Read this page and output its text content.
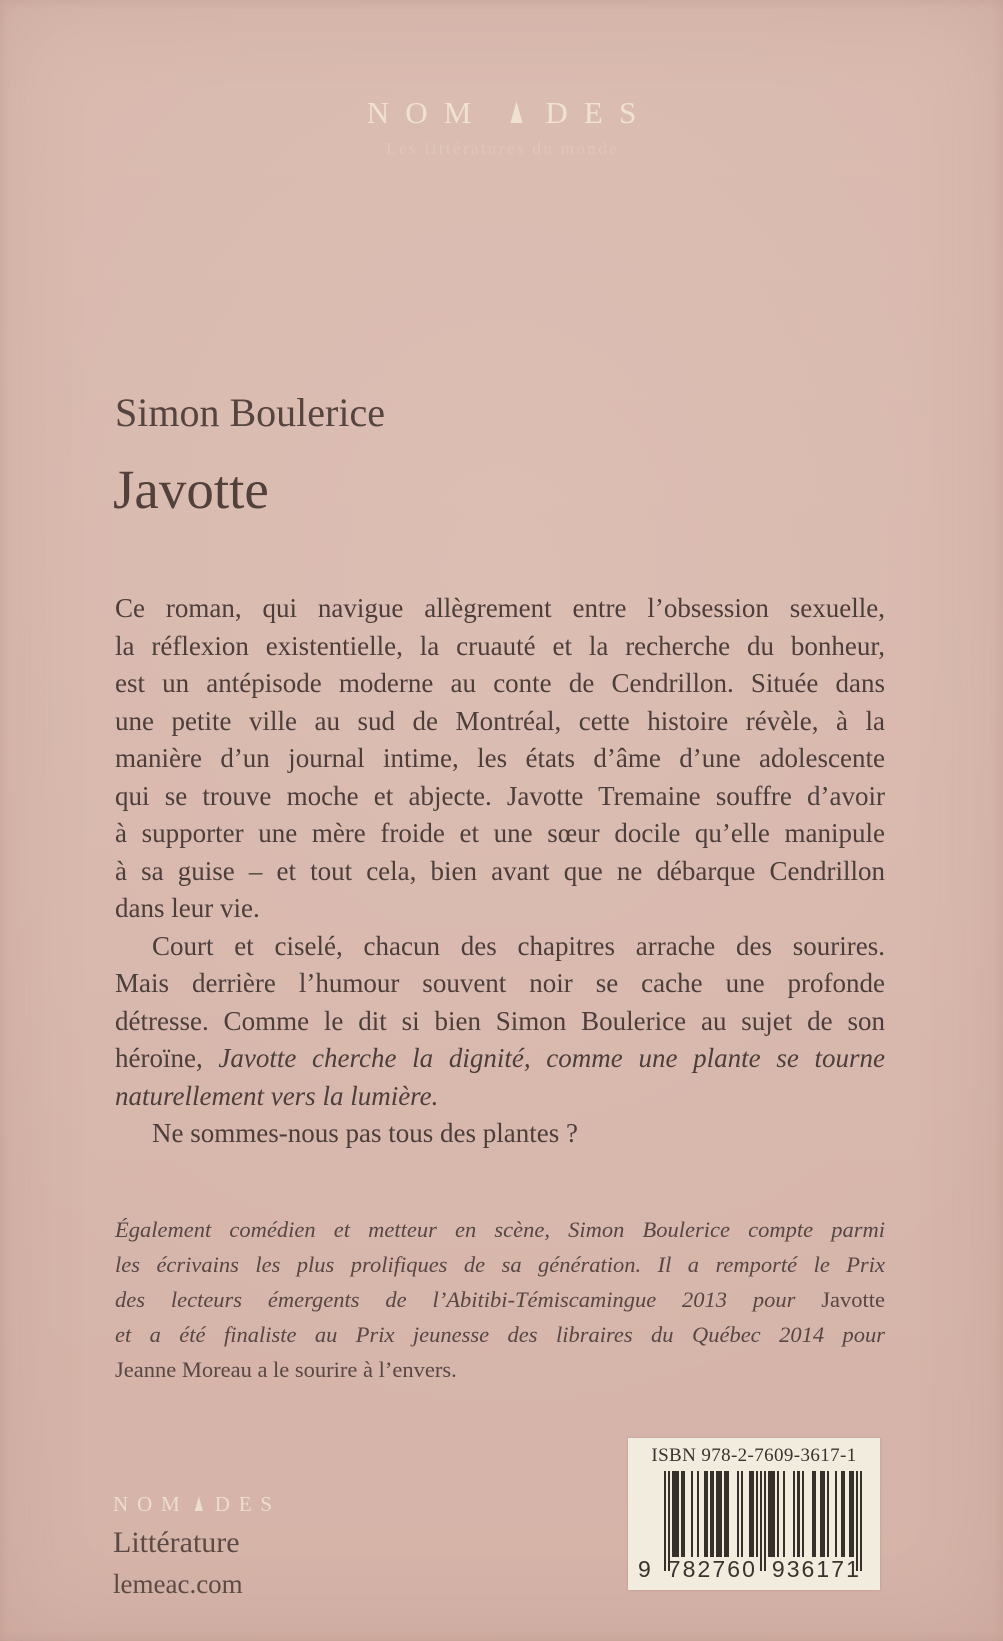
NOM ▲ DES
Les littératures du monde
Simon Boulerice
Javotte
Ce roman, qui navigue allègrement entre l’obsession sexuelle,
la réflexion existentielle, la cruauté et la recherche du bonheur,
est un antépisode moderne au conte de Cendrillon. Située dans
une petite ville au sud de Montréal, cette histoire révèle, à la
manière d’un journal intime, les états d’âme d’une adolescente
qui se trouve moche et abjecte. Javotte Tremaine souffre d’avoir
à supporter une mère froide et une sœur docile qu’elle manipule
à sa guise – et tout cela, bien avant que ne débarque Cendrillon
dans leur vie.
Court et ciselé, chacun des chapitres arrache des sourires.
Mais derrière l’humour souvent noir se cache une profonde
détresse. Comme le dit si bien Simon Boulerice au sujet de son
héroïne, Javotte cherche la dignité, comme une plante se tourne
naturellement vers la lumière.
Ne sommes-nous pas tous des plantes ?
Également comédien et metteur en scène, Simon Boulerice compte parmi
les écrivains les plus prolifiques de sa génération. Il a remporté le Prix
des lecteurs émergents de l’Abitibi-Témiscamingue 2013 pour Javotte
et a été finaliste au Prix jeunesse des libraires du Québec 2014 pour
Jeanne Moreau a le sourire à l’envers.
NOM ▲ DES
Littérature
lemeac.com
ISBN 978-2-7609-3617-1
9 782760 936171
